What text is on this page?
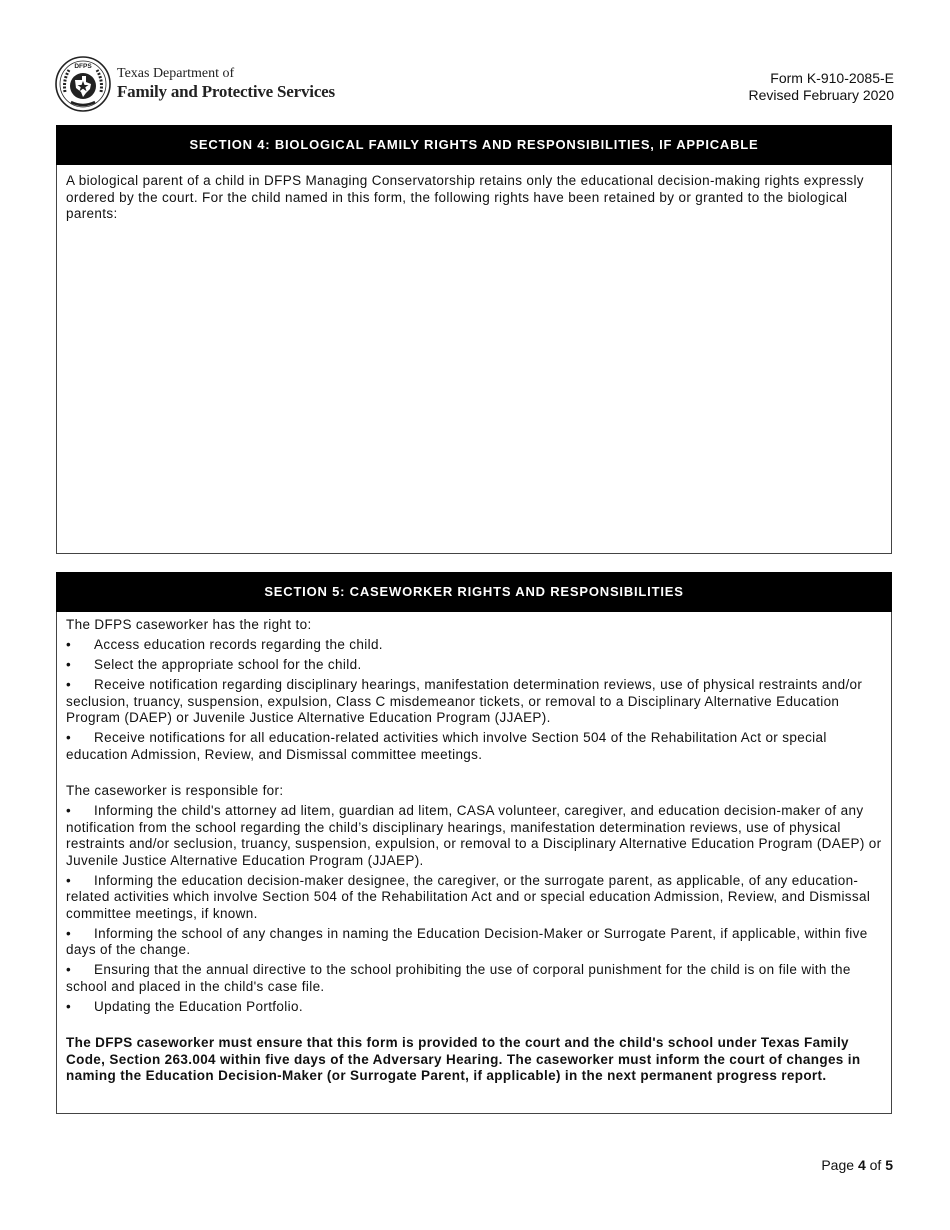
DFPS Texas Department of
Family and Protective Services
Form K-910-2085-E
Revised February 2020
SECTION 4: BIOLOGICAL FAMILY RIGHTS AND RESPONSIBILITIES, IF APPICABLE

A biological parent of a child in DFPS Managing Conservatorship retains only the educational decision-making rights expressly ordered by the court. For the child named in this form, the following rights have been retained by or granted to the biological parents:

SECTION 5: CASEWORKER RIGHTS AND RESPONSIBILITIES

The DFPS caseworker has the right to:

• Access education records regarding the child.

• Select the appropriate school for the child.

• Receive notification regarding disciplinary hearings, manifestation determination reviews, use of physical restraints and/or seclusion, truancy, suspension, expulsion, Class C misdemeanor tickets, or removal to a Disciplinary Alternative Education Program (DAEP) or Juvenile Justice Alternative Education Program (JJAEP).

• Receive notifications for all education-related activities which involve Section 504 of the Rehabilitation Act or special education Admission, Review, and Dismissal committee meetings.

The caseworker is responsible for:

• Informing the child's attorney ad litem, guardian ad litem, CASA volunteer, caregiver, and education decision-maker of any notification from the school regarding the child’s disciplinary hearings, manifestation determination reviews, use of physical restraints and/or seclusion, truancy, suspension, expulsion, or removal to a Disciplinary Alternative Education Program (DAEP) or Juvenile Justice Alternative Education Program (JJAEP).

• Informing the education decision-maker designee, the caregiver, or the surrogate parent, as applicable, of any education-related activities which involve Section 504 of the Rehabilitation Act and or special education Admission, Review, and Dismissal committee meetings, if known.

• Informing the school of any changes in naming the Education Decision-Maker or Surrogate Parent, if applicable, within five days of the change.

• Ensuring that the annual directive to the school prohibiting the use of corporal punishment for the child is on file with the school and placed in the child's case file.

• Updating the Education Portfolio.

The DFPS caseworker must ensure that this form is provided to the court and the child's school under Texas Family Code, Section 263.004 within five days of the Adversary Hearing. The caseworker must inform the court of changes in naming the Education Decision-Maker (or Surrogate Parent, if applicable) in the next permanent progress report.

Page 4 of 5
